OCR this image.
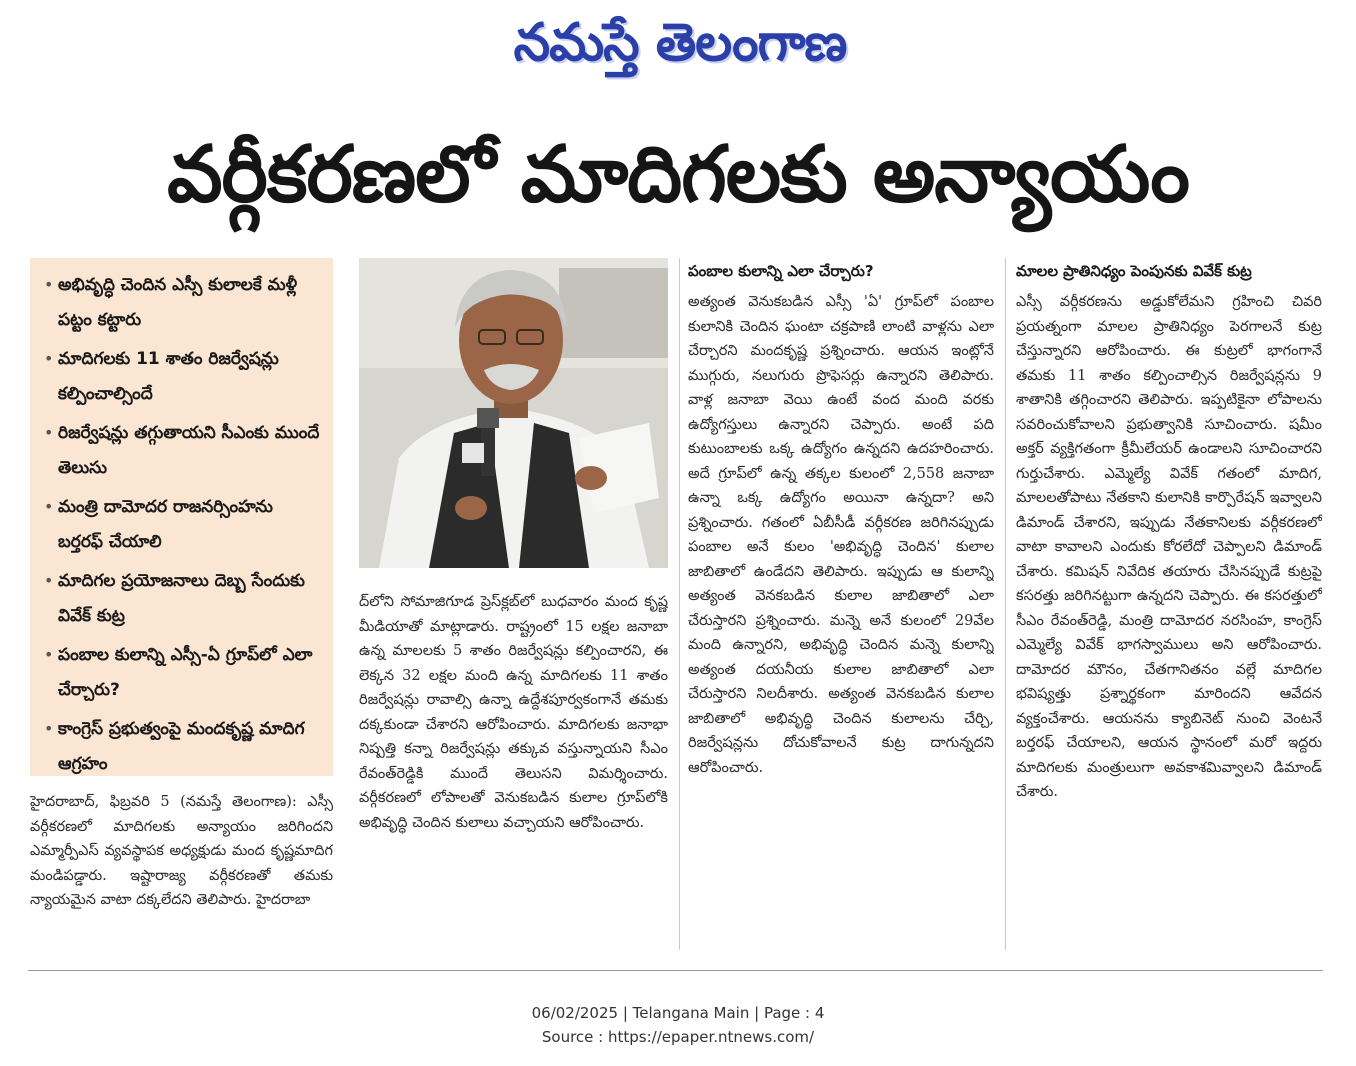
నమస్తే తెలంగాణ
వర్గీకరణలో మాదిగలకు అన్యాయం
• అభివృద్ధి చెందిన ఎస్సీ కులాలకే మళ్లీ పట్టం కట్టారు
• మాదిగలకు 11 శాతం రిజర్వేషన్లు కల్పించాల్సిందే
• రిజర్వేషన్లు తగ్గుతాయని సీఎంకు ముందే తెలుసు
• మంత్రి దామోదర రాజనర్సింహను బర్తరఫ్ చేయాలి
• మాదిగల ప్రయోజనాలు దెబ్బ సేందుకు వివేక్ కుట్ర
• పంబాల కులాన్ని ఎస్సీ-ఏ గ్రూప్‌లో ఎలా చేర్చారు?
• కాంగ్రెస్ ప్రభుత్వంపై మందకృష్ణ మాదిగ ఆగ్రహం

హైదరాబాద్, ఫిబ్రవరి 5 (నమస్తే తెలంగాణ): ఎస్సీ వర్గీకరణలో మాదిగలకు అన్యాయం జరిగిందని ఎమ్మార్పీఎస్ వ్యవస్థాపక అధ్యక్షుడు మంద కృష్ణమాదిగ మండిపడ్డారు. ఇష్టారాజ్య వర్గీకరణతో తమకు న్యాయమైన వాటా దక్కలేదని తెలిపారు. హైదరాబా

ద్‌లోని సోమాజిగూడ ప్రెస్‌క్లబ్‌లో బుధవారం మంద కృష్ణ మీడియాతో మాట్లాడారు. రాష్ట్రంలో 15 లక్షల జనాబా ఉన్న మాలలకు 5 శాతం రిజర్వేషన్లు కల్పించారని, ఈ లెక్కన 32 లక్షల మంది ఉన్న మాదిగలకు 11 శాతం రిజర్వేషన్లు రావాల్సి ఉన్నా ఉద్దేశపూర్వకంగానే తమకు దక్కకుండా చేశారని ఆరోపించారు. మాదిగలకు జనాభా నిష్పత్తి కన్నా రిజర్వేషన్లు తక్కువ వస్తున్నాయని సీఎం రేవంత్‌రెడ్డికి ముందే తెలుసని విమర్శించారు. వర్గీకరణలో లోపాలతో వెనుకబడిన కులాల గ్రూప్‌లోకి అభివృద్ధి చెందిన కులాలు వచ్చాయని ఆరోపించారు.

పంబాల కులాన్ని ఎలా చేర్చారు?

అత్యంత వెనుకబడిన ఎస్సీ 'ఏ' గ్రూప్‌లో పంబాల కులానికి చెందిన ఘంటా చక్రపాణి లాంటి వాళ్లను ఎలా చేర్చారని మందకృష్ణ ప్రశ్నించారు. ఆయన ఇంట్లోనే ముగ్గురు, నలుగురు ప్రొఫెసర్లు ఉన్నారని తెలిపారు. వాళ్ల జనాబా వెయి ఉంటే వంద మంది వరకు ఉద్యోగస్తులు ఉన్నారని చెప్పారు. అంటే పది కుటుంబాలకు ఒక్క ఉద్యోగం ఉన్నదని ఉదహరించారు. అదే గ్రూప్‌లో ఉన్న తక్కల కులంలో 2,558 జనాబా ఉన్నా ఒక్క ఉద్యోగం అయినా ఉన్నదా? అని ప్రశ్నించారు. గతంలో ఏబీసీడీ వర్గీకరణ జరిగినప్పుడు పంబాల అనే కులం 'అభివృద్ధి చెందిన' కులాల జాబితాలో ఉండేదని తెలిపారు. ఇప్పుడు ఆ కులాన్ని అత్యంత వెనకబడిన కులాల జాబితాలో ఎలా చేరుస్తారని ప్రశ్నించారు. మన్నె అనే కులంలో 29వేల మంది ఉన్నారని, అభివృద్ధి చెందిన మన్నె కులాన్ని అత్యంత దయనీయ కులాల జాబితాలో ఎలా చేరుస్తారని నిలదీశారు. అత్యంత వెనకబడిన కులాల జాబితాలో అభివృద్ధి చెందిన కులాలను చేర్చి, రిజర్వేషన్లను దోచుకోవాలనే కుట్ర దాగున్నదని ఆరోపించారు.

మాలల ప్రాతినిధ్యం పెంపునకు వివేక్ కుట్ర

ఎస్సీ వర్గీకరణను అడ్డుకోలేమని గ్రహించి చివరి ప్రయత్నంగా మాలల ప్రాతినిధ్యం పెరగాలనే కుట్ర చేస్తున్నారని ఆరోపించారు. ఈ కుట్రలో భాగంగానే తమకు 11 శాతం కల్పించాల్సిన రిజర్వేషన్లను 9 శాతానికి తగ్గించారని తెలిపారు. ఇప్పటికైనా లోపాలను సవరించుకోవాలని ప్రభుత్వానికి సూచించారు. షమీం అక్తర్ వ్యక్తిగతంగా క్రీమీలేయర్ ఉండాలని సూచించారని గుర్తుచేశారు. ఎమ్మెల్యే వివేక్ గతంలో మాదిగ, మాలలతోపాటు నేతకాని కులానికి కార్పొరేషన్ ఇవ్వాలని డిమాండ్ చేశారని, ఇప్పుడు నేతకానిలకు వర్గీకరణలో వాటా కావాలని ఎందుకు కోరలేదో చెప్పాలని డిమాండ్ చేశారు. కమిషన్ నివేదిక తయారు చేసినప్పుడే కుట్రపై కసరత్తు జరిగినట్టుగా ఉన్నదని చెప్పారు. ఈ కసరత్తులో సీఎం రేవంత్‌రెడ్డి, మంత్రి దామోదర నరసింహ, కాంగ్రెస్ ఎమ్మెల్యే వివేక్ భాగస్వాములు అని ఆరోపించారు. దామోదర మౌనం, చేతగానితనం వల్లే మాదిగల భవిష్యత్తు ప్రశ్నార్థకంగా మారిందని ఆవేదన వ్యక్తంచేశారు. ఆయనను క్యాబినెట్ నుంచి వెంటనే బర్తరఫ్ చేయాలని, ఆయన స్థానంలో మరో ఇద్దరు మాదిగలకు మంత్రులుగా అవకాశమివ్వాలని డిమాండ్ చేశారు.

06/02/2025 | Telangana Main | Page : 4
Source : https://epaper.ntnews.com/
